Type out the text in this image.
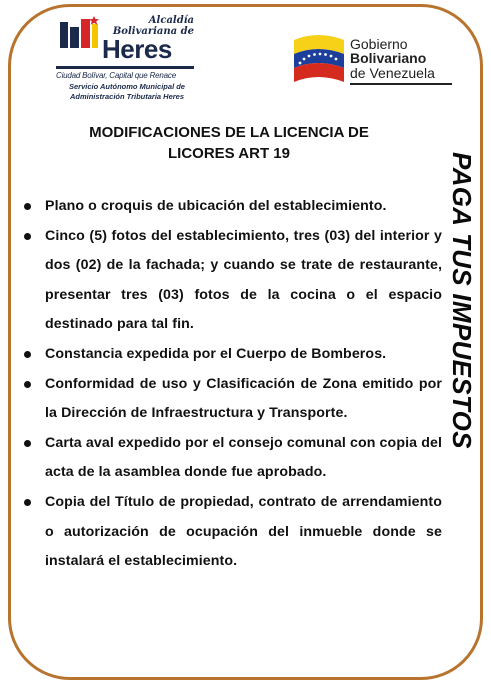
Alcaldía
Bolivariana de
Heres
Ciudad Bolívar, Capital que Renace
Servicio Autónomo Municipal de
Administración Tributaria Heres
Gobierno
Bolivariano
de Venezuela
MODIFICACIONES DE LA LICENCIA DE
LICORES ART 19
Plano o croquis de ubicación del establecimiento.
Cinco (5) fotos del establecimiento, tres (03) del interior y dos (02) de la fachada; y cuando se trate de restaurante, presentar tres (03) fotos de la cocina o el espacio destinado para tal fin.
Constancia expedida por el Cuerpo de Bomberos.
Conformidad de uso y Clasificación de Zona emitido por la Dirección de Infraestructura y Transporte.
Carta aval expedido por el consejo comunal con copia del acta de la asamblea donde fue aprobado.
Copia del Título de propiedad, contrato de arrendamiento o autorización de ocupación del inmueble donde se instalará el establecimiento.
PAGA TUS IMPUESTOS
